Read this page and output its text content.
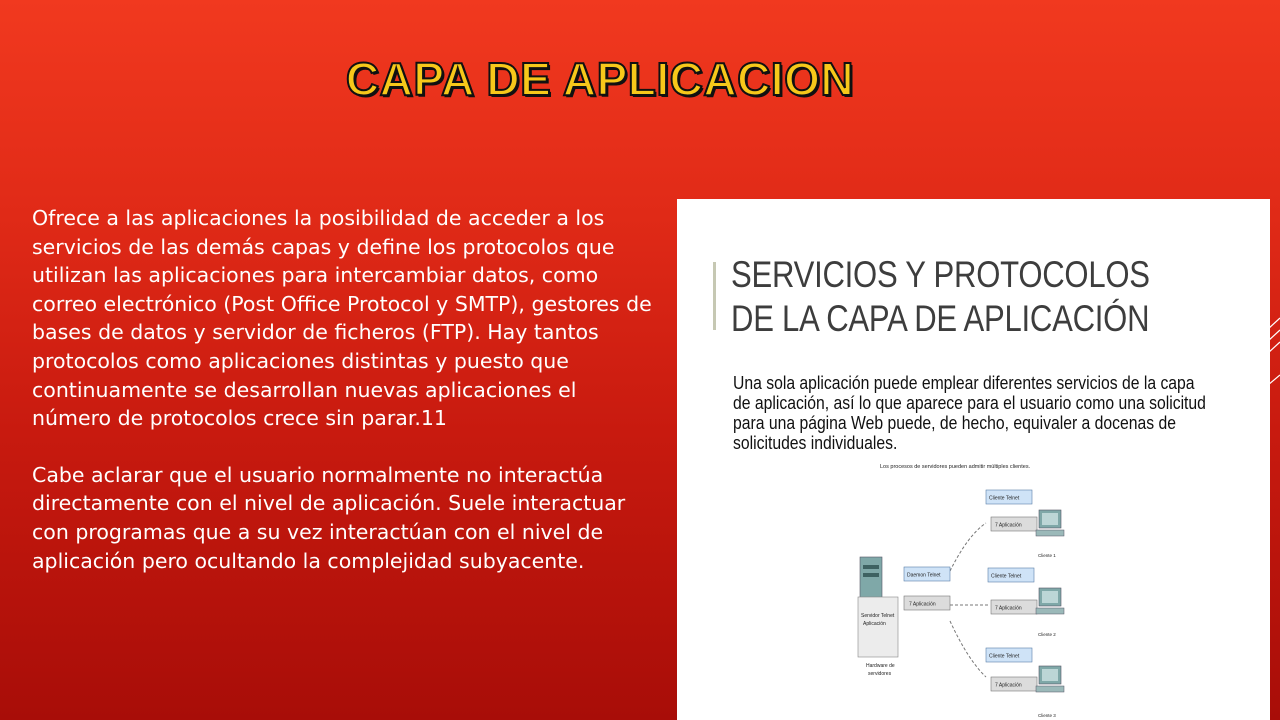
CAPA DE APLICACION

Ofrece a las aplicaciones la posibilidad de acceder a los servicios de las demás capas y define los protocolos que utilizan las aplicaciones para intercambiar datos, como correo electrónico (Post Office Protocol y SMTP), gestores de bases de datos y servidor de ficheros (FTP). Hay tantos protocolos como aplicaciones distintas y puesto que continuamente se desarrollan nuevas aplicaciones el número de protocolos crece sin parar.11

Cabe aclarar que el usuario normalmente no interactúa directamente con el nivel de aplicación. Suele interactuar con programas que a su vez interactúan con el nivel de aplicación pero ocultando la complejidad subyacente.

SERVICIOS Y PROTOCOLOS DE LA CAPA DE APLICACIÓN
Una sola aplicación puede emplear diferentes servicios de la capa de aplicación, así lo que aparece para el usuario como una solicitud para una página Web puede, de hecho, equivaler a docenas de solicitudes individuales.
Los procesos de servidores pueden admitir múltiples clientes.
Servidor Telnet
Aplicación
Hardware de
servidores
Daemon Telnet
7 Aplicación
Cliente Telnet
7 Aplicación
Cliente 1
Cliente Telnet
7 Aplicación
Cliente 2
Cliente Telnet
7 Aplicación
Cliente 3
